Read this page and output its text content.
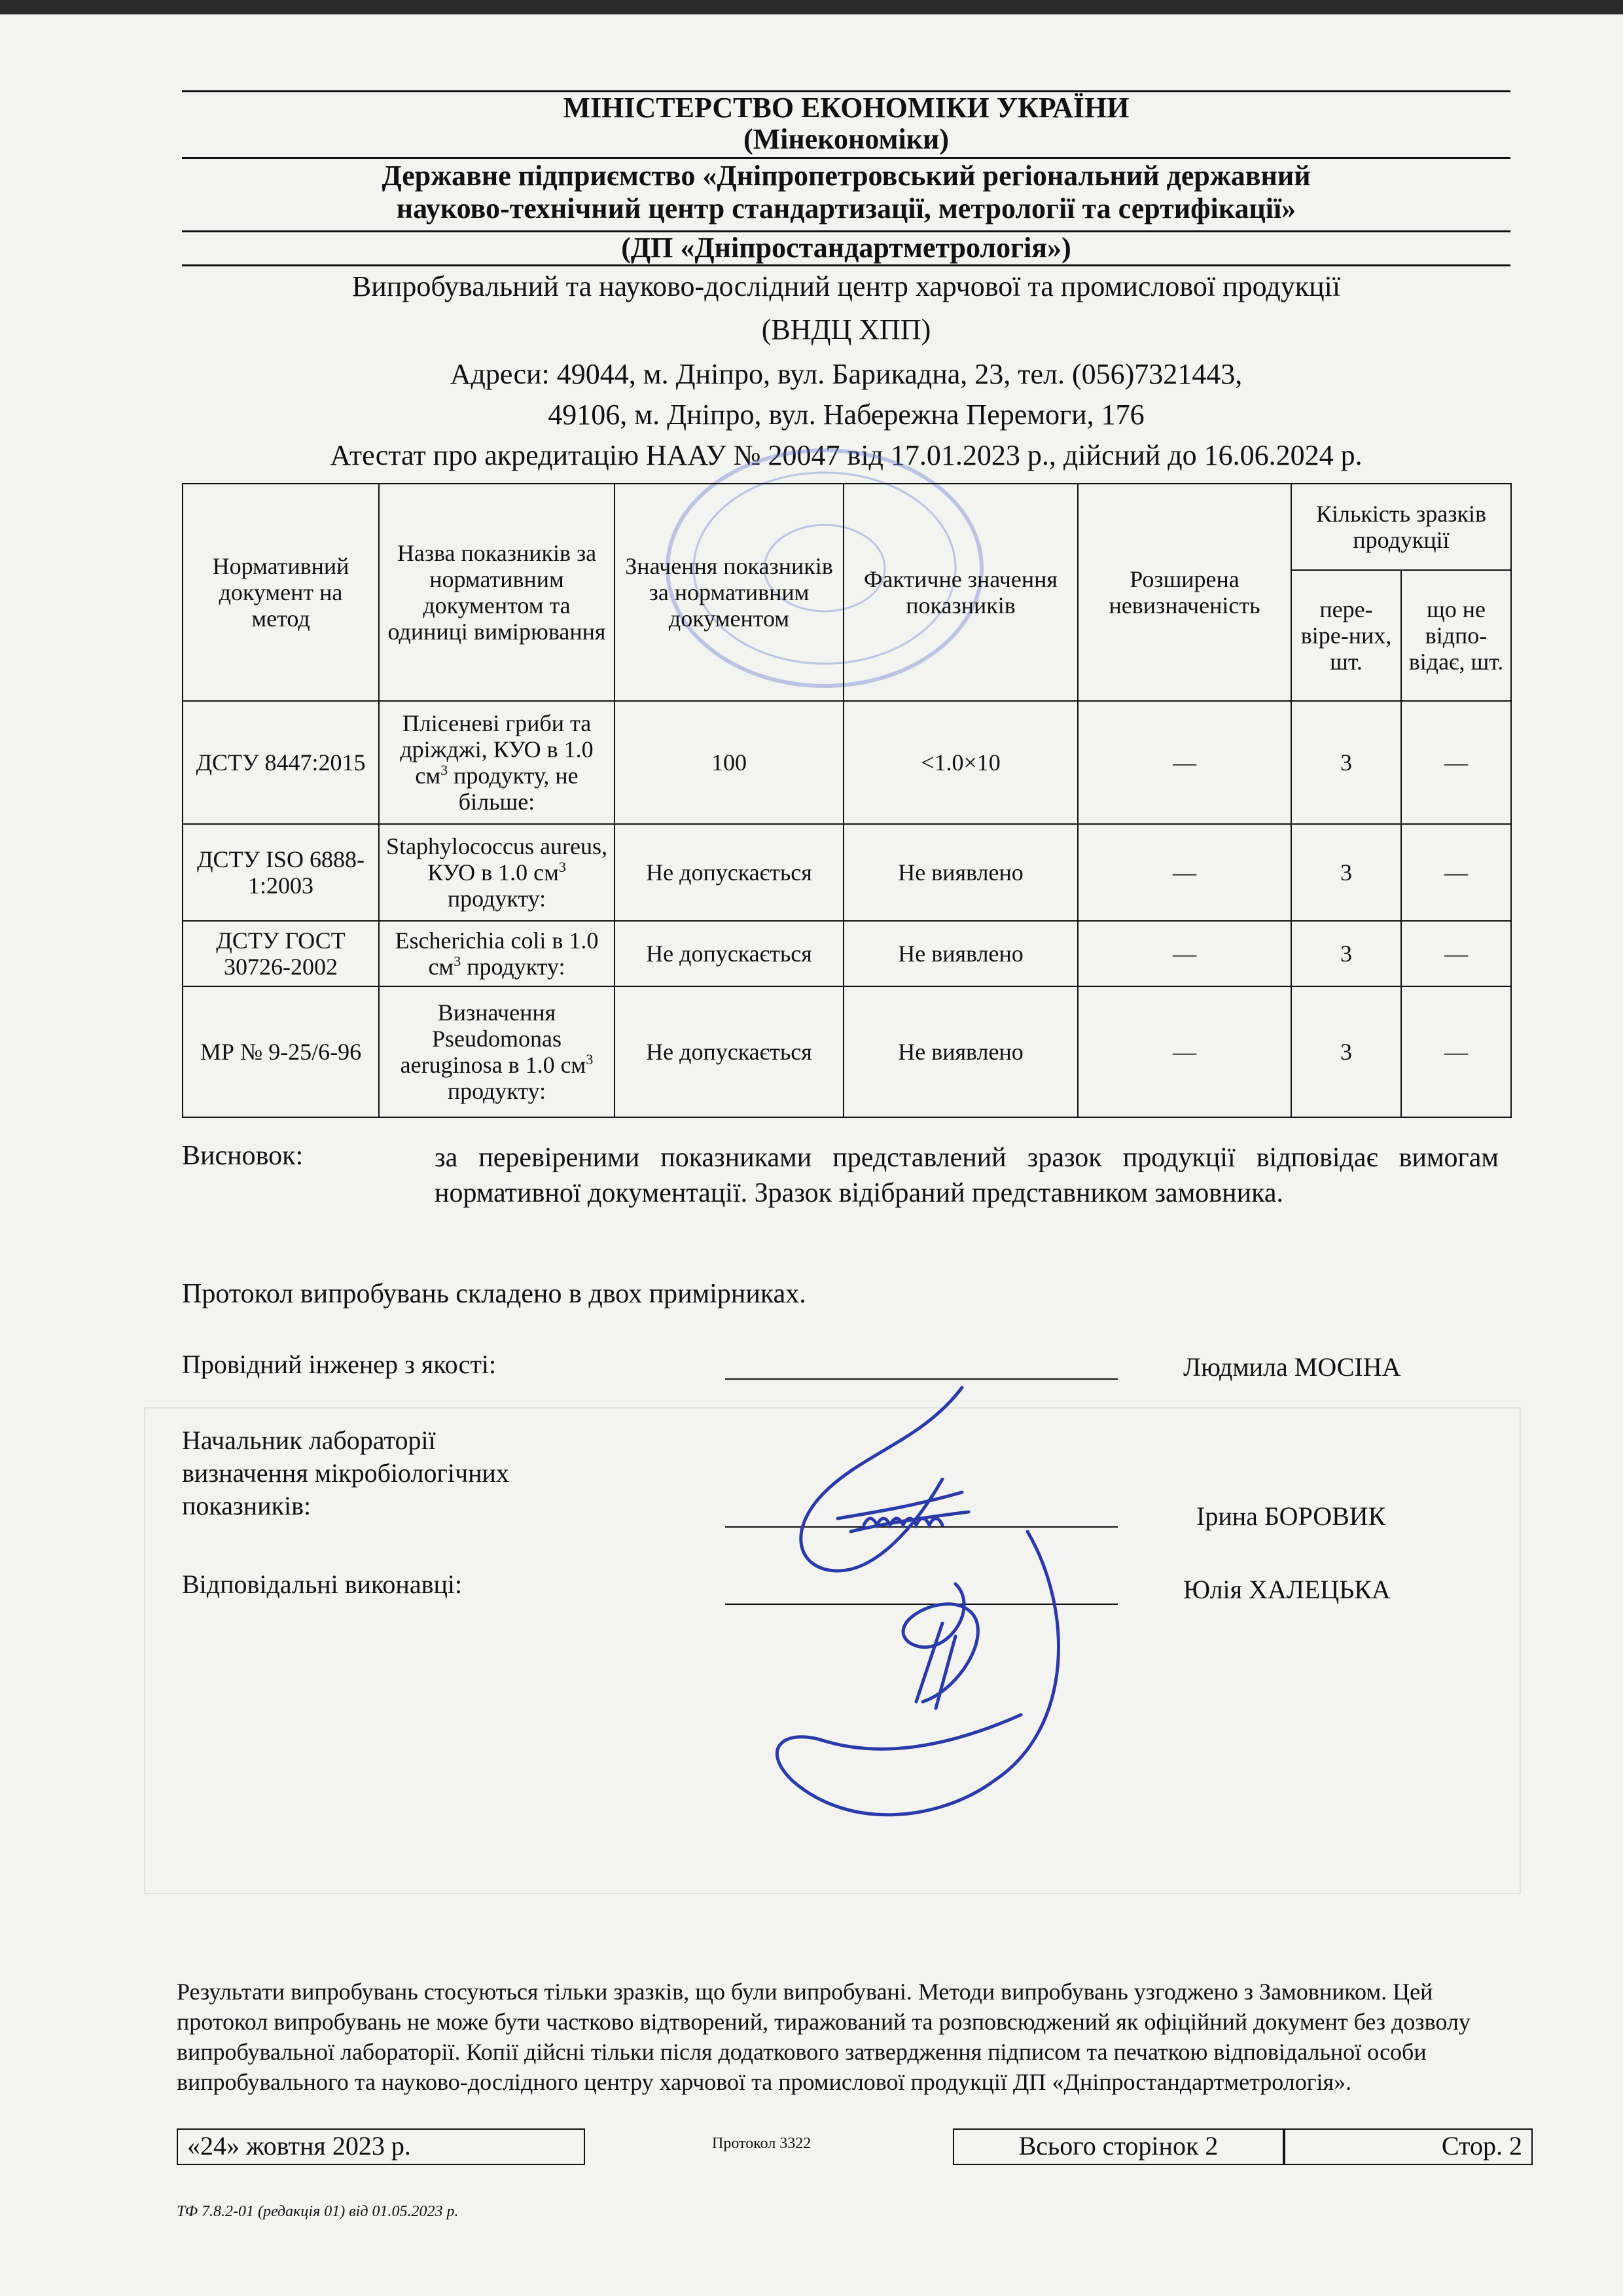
МІНІСТЕРСТВО ЕКОНОМІКИ УКРАЇНИ
(Мінекономіки)
Державне підприємство «Дніпропетровський регіональний державний
науково-технічний центр стандартизації, метрології та сертифікації»
(ДП «Дніпростандартметрологія»)
Випробувальний та науково-дослідний центр харчової та промислової продукції
(ВНДЦ ХПП)
Адреси: 49044, м. Дніпро, вул. Барикадна, 23, тел. (056)7321443,
49106, м. Дніпро, вул. Набережна Перемоги, 176
Атестат про акредитацію НААУ № 20047 від 17.01.2023 р., дійсний до 16.06.2024 р.
Нормативний документ на метод	Назва показників за нормативним документом та одиниці вимірювання	Значення показників за нормативним документом	Фактичне значення показників	Розширена невизначеність	Кількість зразків продукції	
					пере-віре-них, шт.	що не відпо-відає, шт.
ДСТУ 8447:2015	Плісеневі гриби та дріжджі, КУО в 1.0 $см^3$ продукту, не більше:	100	<1.0×10	—	3	—
ДСТУ ISO 6888-1:2003	Staphylococcus aureus, КУО в 1.0 $см^3$ продукту:	Не допускається	Не виявлено	—	3	—
ДСТУ ГОСТ 30726-2002	Escherichia coli в 1.0 $см^3$ продукту:	Не допускається	Не виявлено	—	3	—
МР № 9-25/6-96	Визначення Pseudomonas aeruginosa в 1.0 $см^3$ продукту:	Не допускається	Не виявлено	—	3	—
Висновок:	за перевіреними показниками представлений зразок продукції відповідає вимогам нормативної документації. Зразок відібраний представником замовника.
Протокол випробувань складено в двох примірниках.
Провідний інженер з якості:	Людмила МОСІНА
Начальник лабораторії
визначення мікробіологічних
показників:	Ірина БОРОВИК
Відповідальні виконавці:	Юлія ХАЛЕЦЬКА
Результати випробувань стосуються тільки зразків, що були випробувані. Методи випробувань узгоджено з Замовником. Цей протокол випробувань не може бути частково відтворений, тиражований та розповсюджений як офіційний документ без дозволу випробувальної лабораторії. Копії дійсні тільки після додаткового затвердження підписом та печаткою відповідальної особи випробувального та науково-дослідного центру харчової та промислової продукції ДП «Дніпростандартметрологія».
«24» жовтня 2023 р.	Протокол 3322	Всього сторінок 2	Стор. 2
ТФ 7.8.2-01 (редакція 01) від 01.05.2023 р.
